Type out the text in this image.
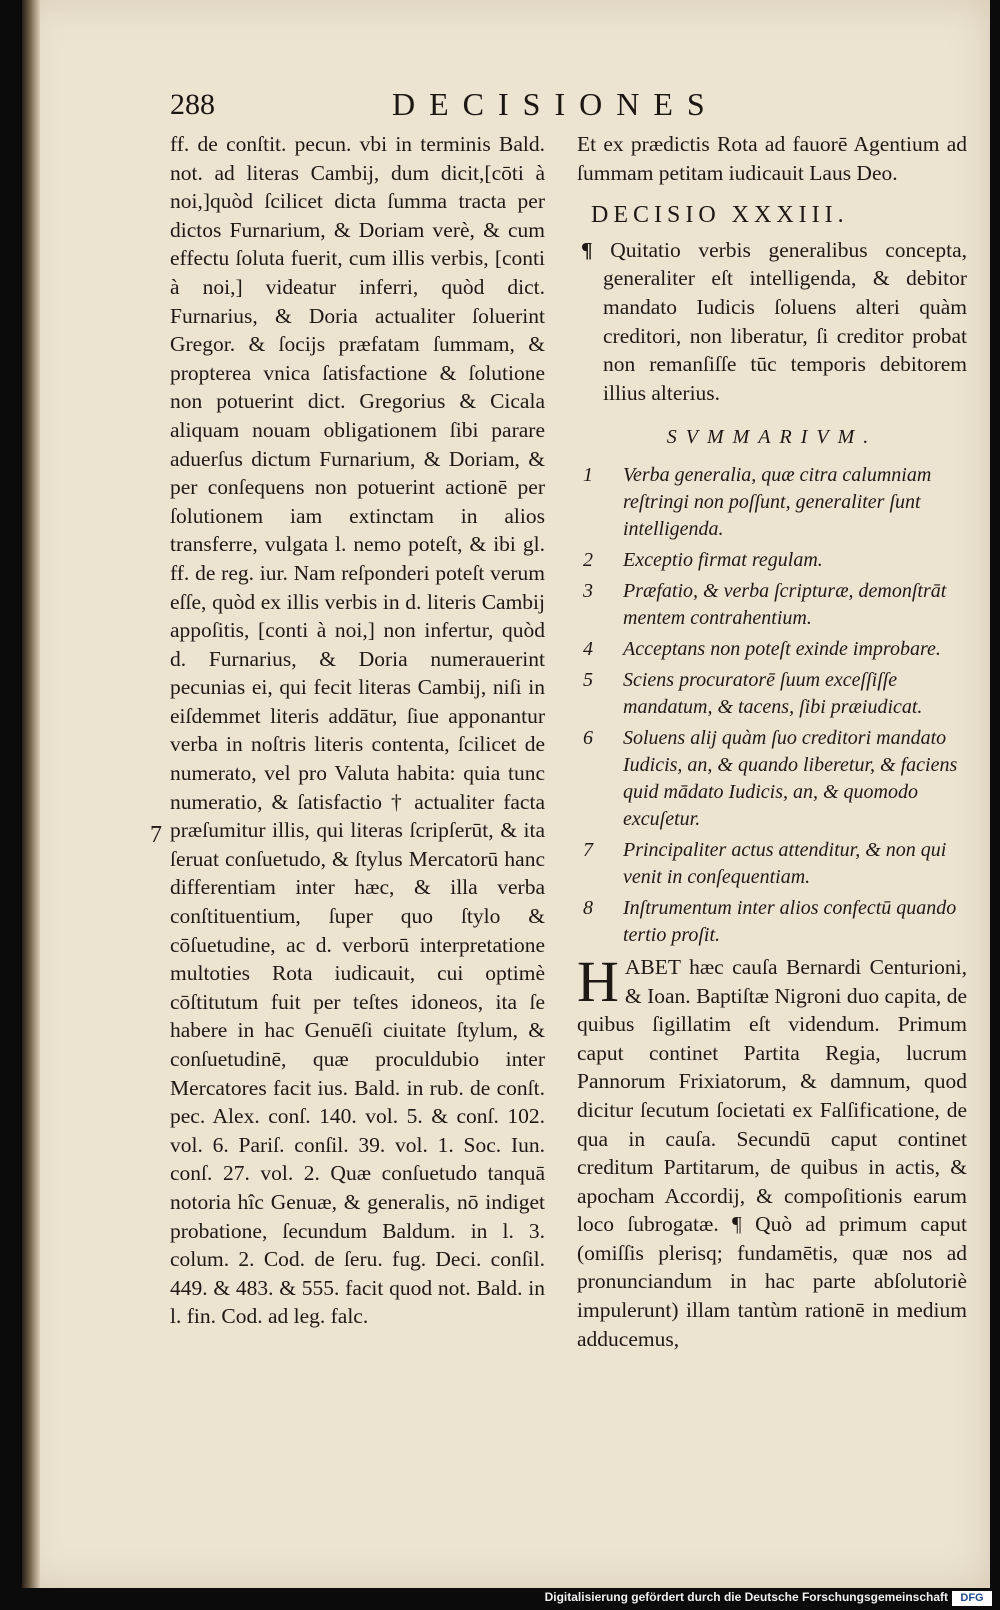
288	DECISIONES
7

ff. de conſtit. pecun. vbi in terminis Bald. not. ad literas Cambij, dum dicit,[cōti à noi,]quòd ſcilicet dicta ſumma tracta per dictos Furnarium, & Doriam verè, & cum effectu ſoluta fuerit, cum illis verbis, [conti à noi,] videatur inferri, quòd dict. Furnarius, & Doria actualiter ſoluerint Gregor. & ſocijs præfatam ſummam, & propterea vnica ſatisfactione & ſolutione non potuerint dict. Gregorius & Cicala aliquam nouam obligationem ſibi parare aduerſus dictum Furnarium, & Doriam, & per conſequens non potuerint actionē per ſolutionem iam extinctam in alios transferre, vulgata l. nemo poteſt, & ibi gl. ff. de reg. iur. Nam reſponderi poteſt verum eſſe, quòd ex illis verbis in d. literis Cambij appoſitis, [conti à noi,] non infertur, quòd d. Furnarius, & Doria numerauerint pecunias ei, qui fecit literas Cambij, niſi in eiſdemmet literis addātur, ſiue apponantur verba in noſtris literis contenta, ſcilicet de numerato, vel pro Valuta habita: quia tunc numeratio, & ſatisfactio † actualiter facta præſumitur illis, qui literas ſcripſerūt, & ita ſeruat conſuetudo, & ſtylus Mercatorū hanc differentiam inter hæc, & illa verba conſtituentium, ſuper quo ſtylo & cōſuetudine, ac d. verborū interpretatione multoties Rota iudicauit, cui optimè cōſtitutum fuit per teſtes idoneos, ita ſe habere in hac Genuēſi ciuitate ſtylum, & conſuetudinē, quæ proculdubio inter Mercatores facit ius. Bald. in rub. de conſt. pec. Alex. conſ. 140. vol. 5. & conſ. 102. vol. 6. Pariſ. conſil. 39. vol. 1. Soc. Iun. conſ. 27. vol. 2. Quæ conſuetudo tanquā notoria hîc Genuæ, & generalis, nō indiget probatione, ſecundum Baldum. in l. 3. colum. 2. Cod. de ſeru. fug. Deci. conſil. 449. & 483. & 555. facit quod not. Bald. in l. fin. Cod. ad leg. falc.

Et ex prædictis Rota ad fauorē Agentium ad ſummam petitam iudicauit Laus Deo.

DECISIO XXXIII.

¶ Quitatio verbis generalibus concepta, generaliter eſt intelligenda, & debitor mandato Iudicis ſoluens alteri quàm creditori, non liberatur, ſi creditor probat non remanſiſſe tūc temporis debitorem illius alterius.

SVMMARIVM.
1 Verba generalia, quæ citra calumniam reſtringi non poſſunt, generaliter ſunt intelligenda.
2 Exceptio firmat regulam.
3 Præfatio, & verba ſcripturæ, demonſtrāt mentem contrahentium.
4 Acceptans non poteſt exinde improbare.
5 Sciens procuratorē ſuum exceſſiſſe mandatum, & tacens, ſibi præiudicat.
6 Soluens alij quàm ſuo creditori mandato Iudicis, an, & quando liberetur, & faciens quid mādato Iudicis, an, & quomodo excuſetur.
7 Principaliter actus attenditur, & non qui venit in conſequentiam.
8 Inſtrumentum inter alios confectū quando tertio proſit.

HABET hæc cauſa Bernardi Centurioni, & Ioan. Baptiſtæ Nigroni duo capita, de quibus ſigillatim eſt videndum. Primum caput continet Partita Regia, lucrum Pannorum Frixiatorum, & damnum, quod dicitur ſecutum ſocietati ex Falſificatione, de qua in cauſa. Secundū caput continet creditum Partitarum, de quibus in actis, & apocham Accordij, & compoſitionis earum loco ſubrogatæ. ¶ Quò ad primum caput (omiſſis plerisq; fundamētis, quæ nos ad pronunciandum in hac parte abſolutoriè impulerunt) illam tantùm rationē in medium adducemus,

Digitalisierung gefördert durch die Deutsche Forschungsgemeinschaft	DFG
